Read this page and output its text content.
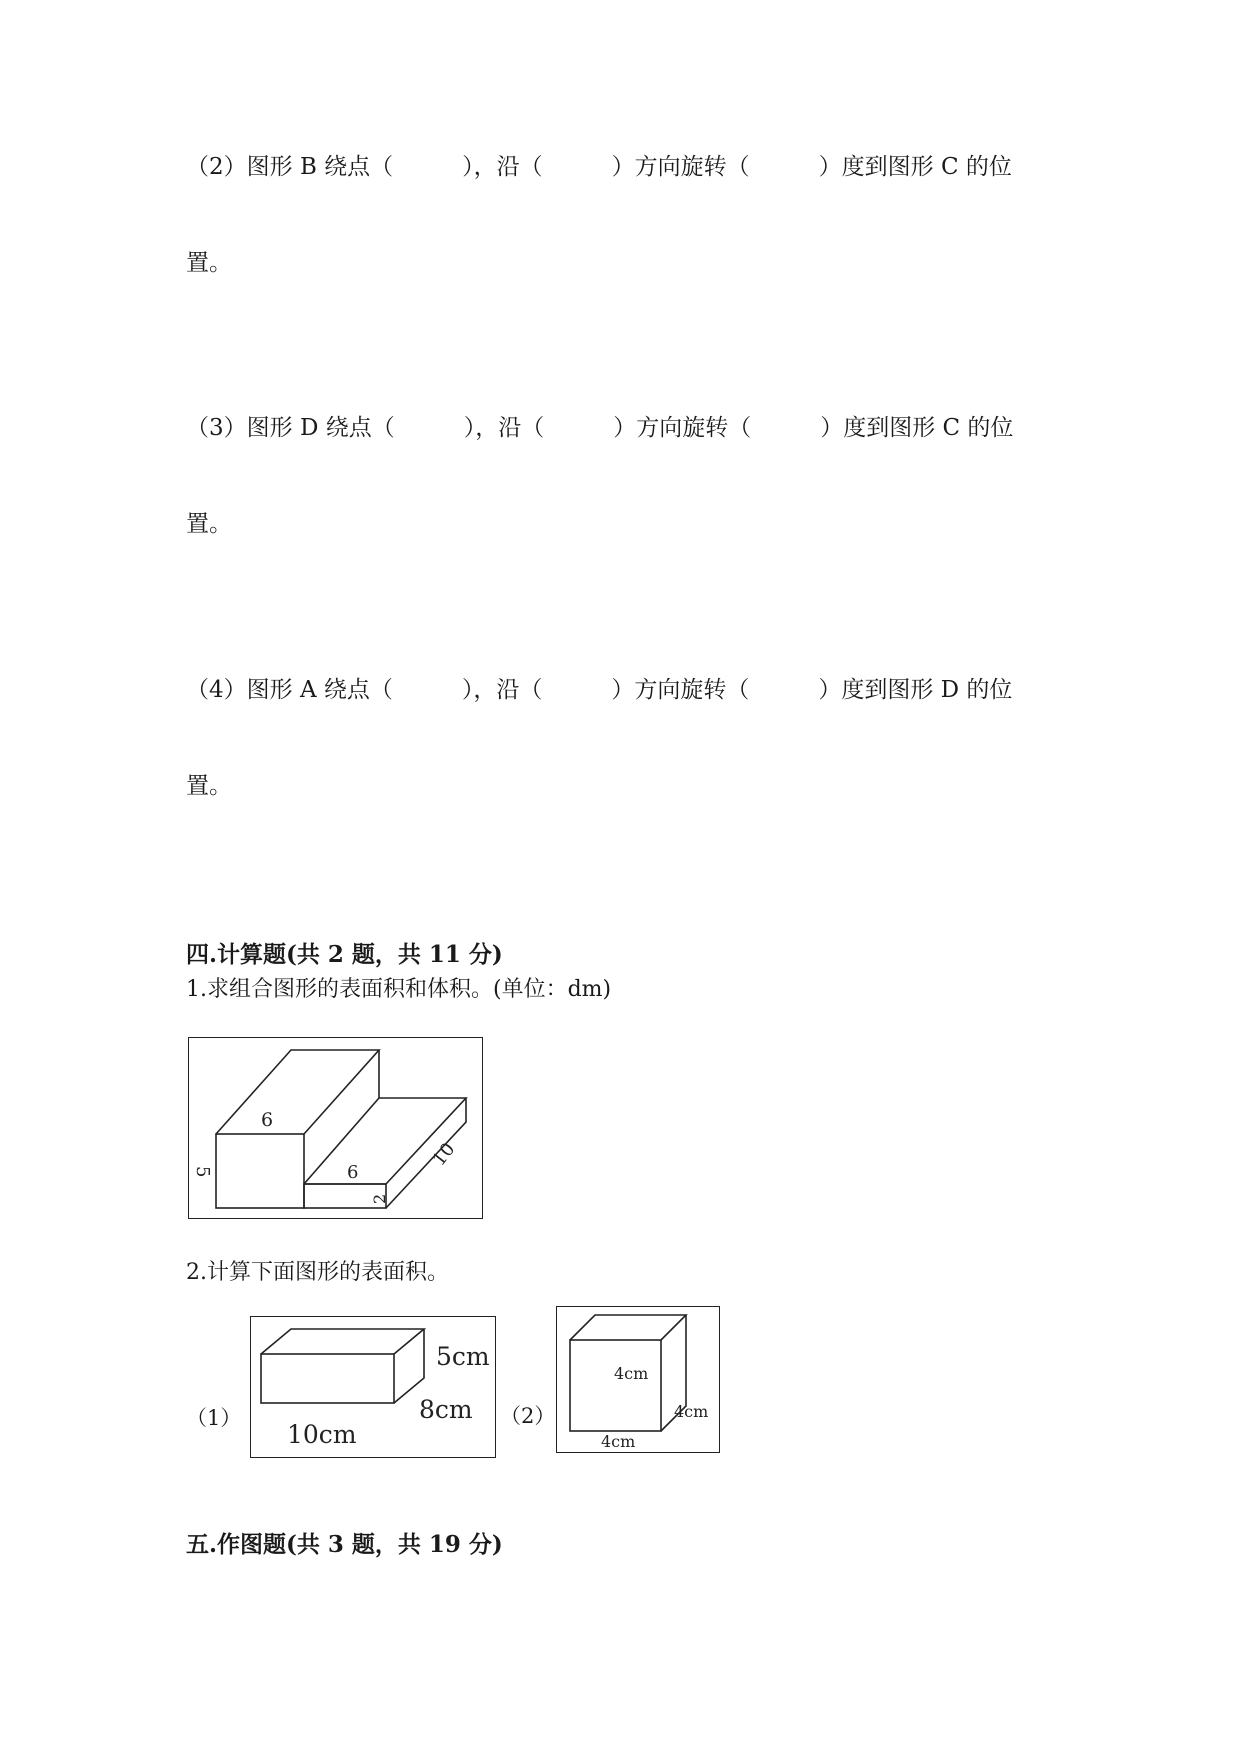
（2）图形 B 绕点（　　　），沿（　　　）方向旋转（　　　）度到图形 C 的位
置。
（3）图形 D 绕点（　　　），沿（　　　）方向旋转（　　　）度到图形 C 的位
置。
（4）图形 A 绕点（　　　），沿（　　　）方向旋转（　　　）度到图形 D 的位
置。
四.计算题(共 2 题，共 11 分)
1.求组合图形的表面积和体积。(单位：dm)
6
5	6
2
10
2.计算下面图形的表面积。
（1）
5cm
8cm
10cm
（2）
4cm
4cm
4cm
五.作图题(共 3 题，共 19 分)
